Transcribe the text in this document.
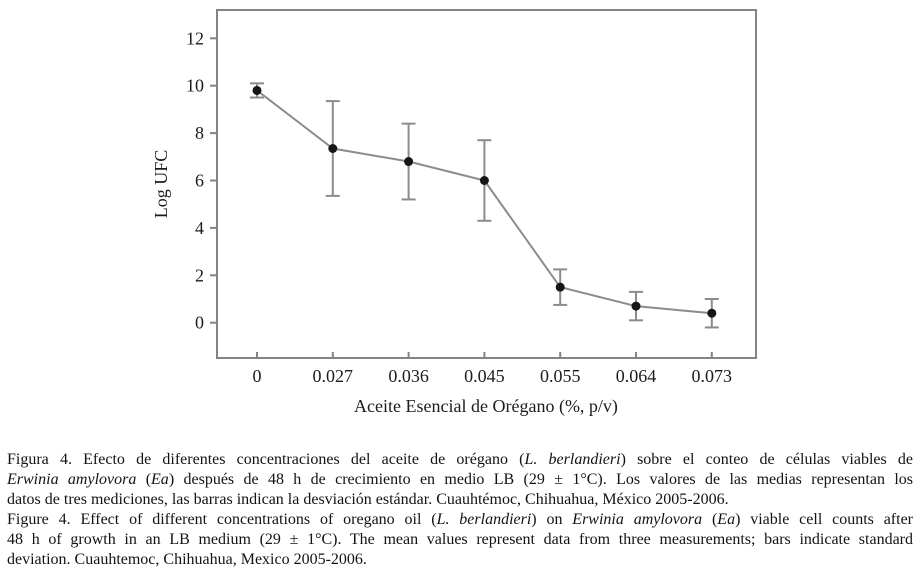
0
2
4
6
8
10
12
0	0.027 0.036 0.045 0.055 0.064 0.073
Aceite Esencial de Orégano (%, p/v)
Log UFC
Figura 4. Efecto de diferentes concentraciones del aceite de orégano (L. berlandieri) sobre el conteo de células viables de
Erwinia amylovora (Ea) después de 48 h de crecimiento en medio LB (29 ± 1°C). Los valores de las medias representan los
datos de tres mediciones, las barras indican la desviación estándar. Cuauhtémoc, Chihuahua, México 2005-2006.
Figure 4. Effect of different concentrations of oregano oil (L. berlandieri) on Erwinia amylovora (Ea) viable cell counts after
48 h of growth in an LB medium (29 ± 1°C). The mean values represent data from three measurements; bars indicate standard
deviation. Cuauhtemoc, Chihuahua, Mexico 2005-2006.
